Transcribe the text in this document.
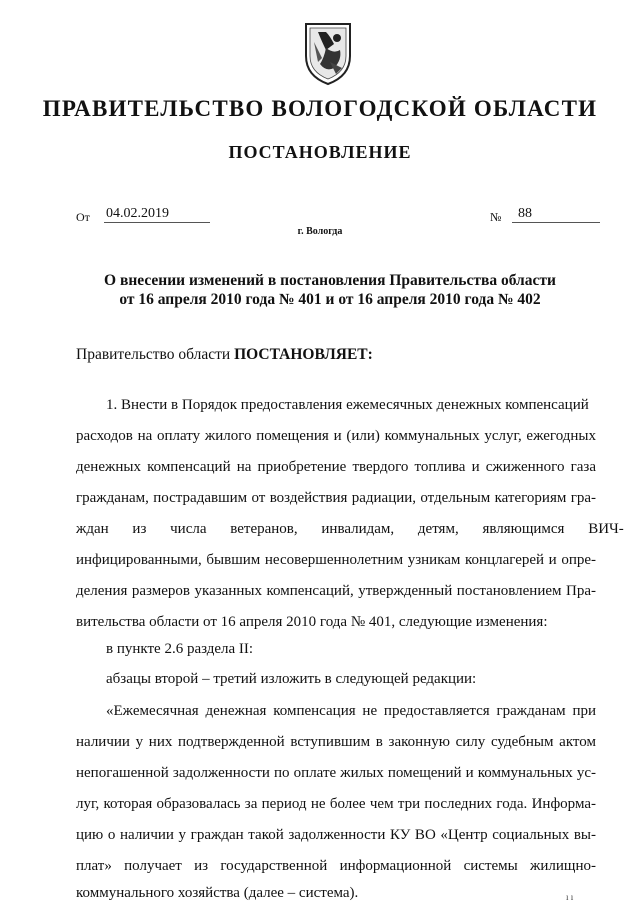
ПРАВИТЕЛЬСТВО ВОЛОГОДСКОЙ ОБЛАСТИ
ПОСТАНОВЛЕНИЕ
От 04.02.2019	№	88
г. Вологда
О внесении изменений в постановления Правительства области
от 16 апреля 2010 года № 401 и от 16 апреля 2010 года № 402
Правительство области ПОСТАНОВЛЯЕТ:
1. Внести в Порядок предоставления ежемесячных денежных компенсаций
расходов на оплату жилого помещения и (или) коммунальных услуг, ежегодных
денежных компенсаций на приобретение твердого топлива и сжиженного газа
гражданам, пострадавшим от воздействия радиации, отдельным категориям гра-
ждан из числа ветеранов, инвалидам, детям, являющимся ВИЧ-
инфицированными, бывшим несовершеннолетним узникам концлагерей и опре-
деления размеров указанных компенсаций, утвержденный постановлением Пра-
вительства области от 16 апреля 2010 года № 401, следующие изменения:
в пункте 2.6 раздела II:
абзацы второй – третий изложить в следующей редакции:
«Ежемесячная денежная компенсация не предоставляется гражданам при
наличии у них подтвержденной вступившим в законную силу судебным актом
непогашенной задолженности по оплате жилых помещений и коммунальных ус-
луг, которая образовалась за период не более чем три последних года. Информа-
цию о наличии у граждан такой задолженности КУ ВО «Центр социальных вы-
плат» получает из государственной информационной системы жилищно-
коммунального хозяйства (далее – система).	ı ı
